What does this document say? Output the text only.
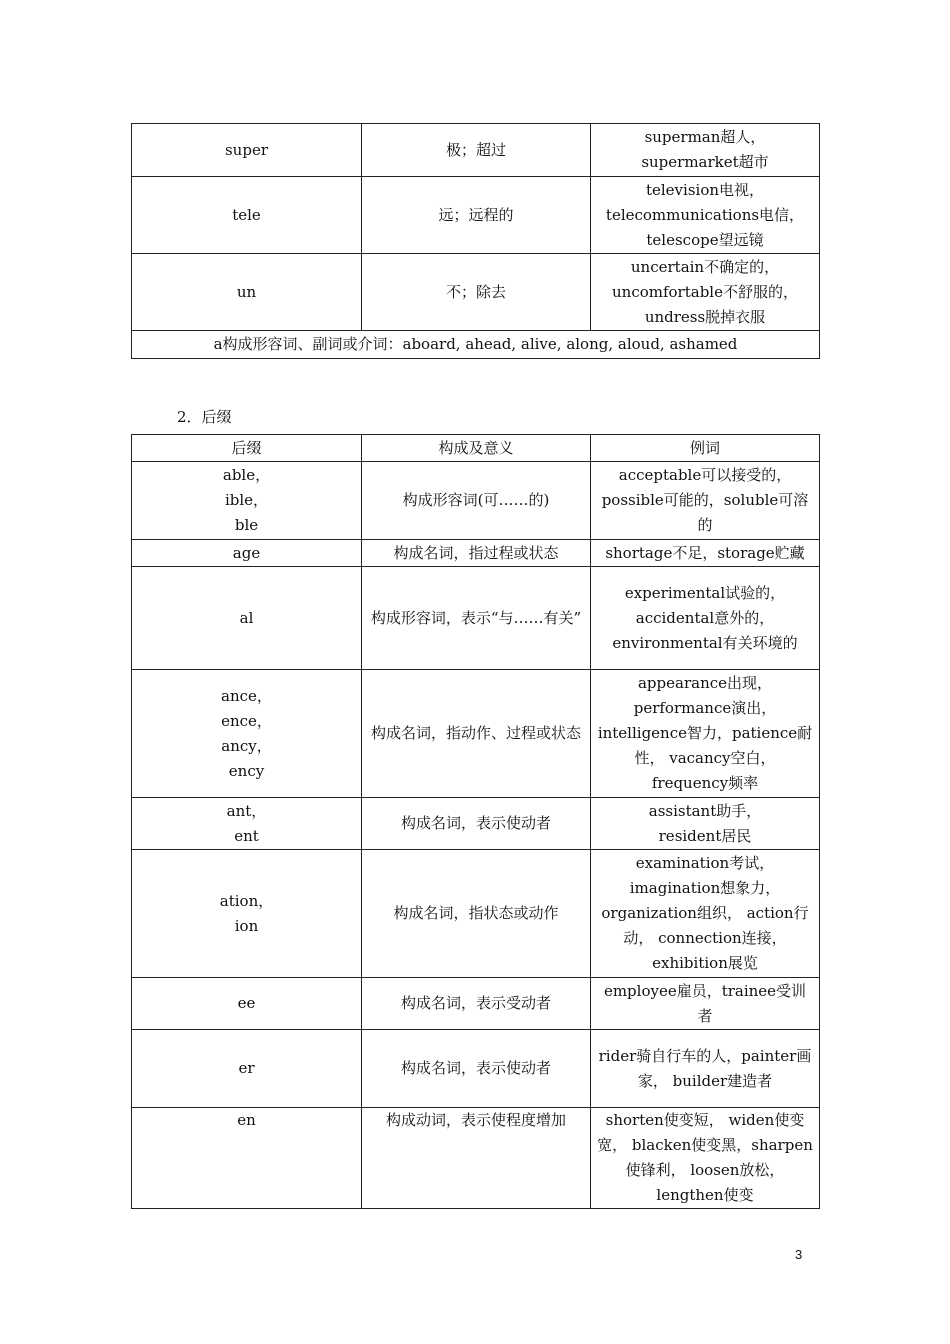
super	极；超过	superman超人，supermarket超市
tele	远；远程的	television电视，telecommunications电信，telescope望远镜
un	不；除去	uncertain不确定的，uncomfortable不舒服的，undress脱掉衣服
a构成形容词、副词或介词：aboard, ahead, alive, along, aloud, ashamed		
2．后缀
后缀	构成及意义	例词
able，ible，ble	构成形容词(可……的)	acceptable可以接受的，possible可能的，soluble可溶的
age	构成名词，指过程或状态	shortage不足，storage贮藏
al	构成形容词，表示“与……有关”	experimental试验的，accidental意外的，environmental有关环境的
ance，ence，ancy，ency	构成名词，指动作、过程或状态	appearance出现，performance演出，intelligence智力，patience耐性， vacancy空白， frequency频率
ant，ent	构成名词，表示使动者	assistant助手，resident居民
ation，ion	构成名词，指状态或动作	examination考试，imagination想象力，organization组织， action行动， connection连接，exhibition展览
ee	构成名词，表示受动者	employee雇员，trainee受训者
er	构成名词，表示使动者	rider骑自行车的人，painter画家， builder建造者
en	构成动词，表示使程度增加	shorten使变短， widen使变宽， blacken使变黑，sharpen使锋利， loosen放松， lengthen使变
3
